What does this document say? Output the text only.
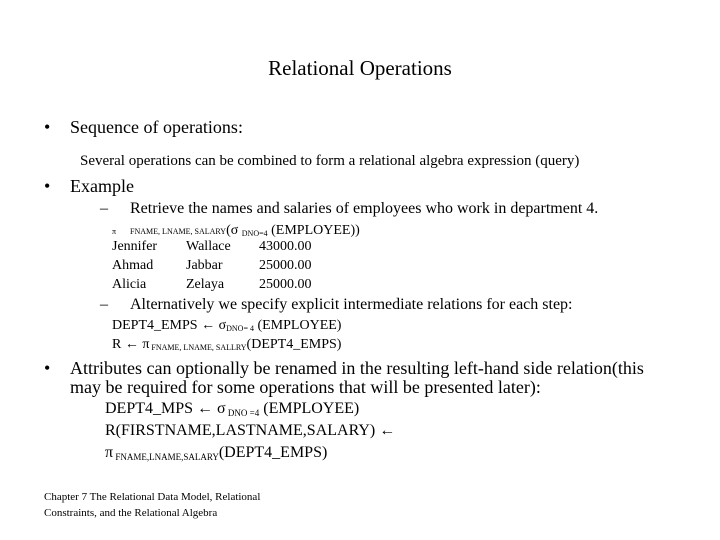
Relational Operations
• Sequence of operations:
Several operations can be combined to form a relational algebra expression (query)
• Example
– Retrieve the names and salaries of employees who work in department 4.
π FNAME, LNAME, SALARY(σ $_{DNO=4}$ (EMPLOYEE))
Jennifer Wallace 43000.00
Ahmad Jabbar	25000.00
Alicia	Zelaya 25000.00
– Alternatively we specify explicit intermediate relations for each step:
DEPT4_EMPS ← $\sigma_{DNO= 4}$ (EMPLOYEE)
R ← π $_{FNAME, LNAME, SALLRY}$(DEPT4_EMPS)
• Attributes can optionally be renamed in the resulting left-hand side relation(this
may be required for some operations that will be presented later):
DEPT4_MPS ← σ DNO =4 (EMPLOYEE)
R(FIRSTNAME,LASTNAME,SALARY) ←
π FNAME,LNAME,SALARY(DEPT4_EMPS)
Chapter 7 The Relational Data Model, Relational
Constraints, and the Relational Algebra
